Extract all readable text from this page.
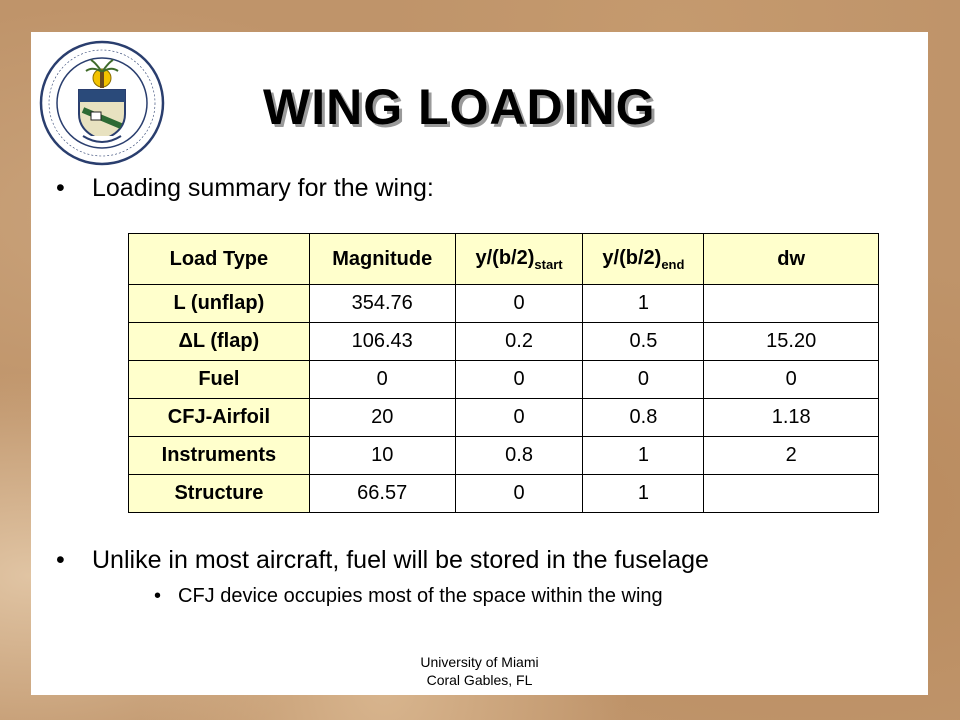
WING LOADING
• Loading summary for the wing:
Load Type	Magnitude	$y/(b/2)_{start}$	$y/(b/2)_{end}$	dw
L (unflap)	354.76	0	1	
ΔL (flap)	106.43	0.2	0.5	15.20
Fuel	0	0	0	0
CFJ-Airfoil	20	0	0.8	1.18
Instruments	10	0.8	1	2
Structure	66.57	0	1	
• Unlike in most aircraft, fuel will be stored in the fuselage
• CFJ device occupies most of the space within the wing
University of Miami
Coral Gables, FL
